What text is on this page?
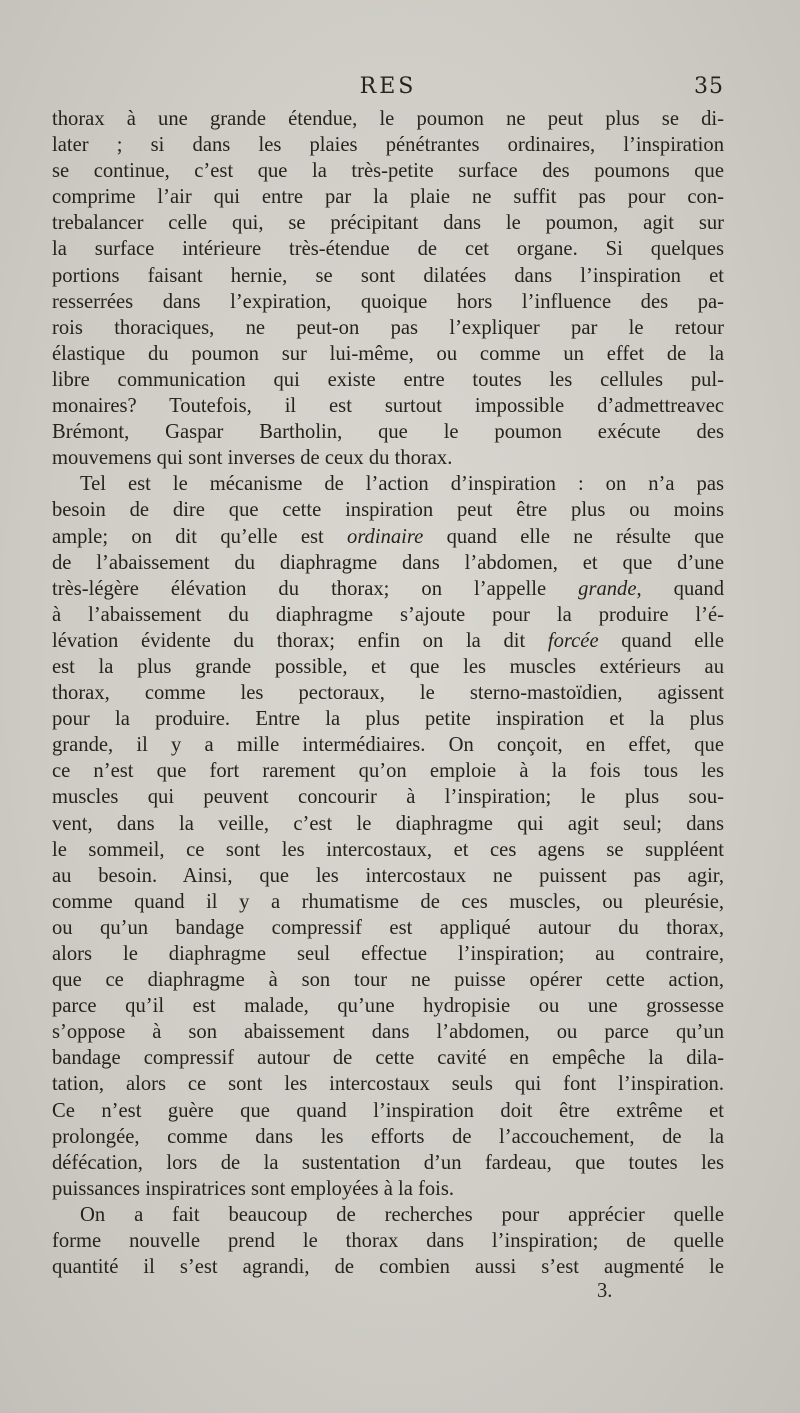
RES	35
thorax à une grande étendue, le poumon ne peut plus se di-
later ; si dans les plaies pénétrantes ordinaires, l’inspiration
se continue, c’est que la très-petite surface des poumons que
comprime l’air qui entre par la plaie ne suffit pas pour con-
trebalancer celle qui, se précipitant dans le poumon, agit sur
la surface intérieure très-étendue de cet organe. Si quelques
portions faisant hernie, se sont dilatées dans l’inspiration et
resserrées dans l’expiration, quoique hors l’influence des pa-
rois thoraciques, ne peut-on pas l’expliquer par le retour
élastique du poumon sur lui-même, ou comme un effet de la
libre communication qui existe entre toutes les cellules pul-
monaires? Toutefois, il est surtout impossible d’admettreavec
Brémont, Gaspar Bartholin, que le poumon exécute des
mouvemens qui sont inverses de ceux du thorax.
Tel est le mécanisme de l’action d’inspiration : on n’a pas
besoin de dire que cette inspiration peut être plus ou moins
ample; on dit qu’elle est ordinaire quand elle ne résulte que
de l’abaissement du diaphragme dans l’abdomen, et que d’une
très-légère élévation du thorax; on l’appelle grande, quand
à l’abaissement du diaphragme s’ajoute pour la produire l’é-
lévation évidente du thorax; enfin on la dit forcée quand elle
est la plus grande possible, et que les muscles extérieurs au
thorax, comme les pectoraux, le sterno-mastoïdien, agissent
pour la produire. Entre la plus petite inspiration et la plus
grande, il y a mille intermédiaires. On conçoit, en effet, que
ce n’est que fort rarement qu’on emploie à la fois tous les
muscles qui peuvent concourir à l’inspiration; le plus sou-
vent, dans la veille, c’est le diaphragme qui agit seul; dans
le sommeil, ce sont les intercostaux, et ces agens se suppléent
au besoin. Ainsi, que les intercostaux ne puissent pas agir,
comme quand il y a rhumatisme de ces muscles, ou pleurésie,
ou qu’un bandage compressif est appliqué autour du thorax,
alors le diaphragme seul effectue l’inspiration; au contraire,
que ce diaphragme à son tour ne puisse opérer cette action,
parce qu’il est malade, qu’une hydropisie ou une grossesse
s’oppose à son abaissement dans l’abdomen, ou parce qu’un
bandage compressif autour de cette cavité en empêche la dila-
tation, alors ce sont les intercostaux seuls qui font l’inspiration.
Ce n’est guère que quand l’inspiration doit être extrême et
prolongée, comme dans les efforts de l’accouchement, de la
défécation, lors de la sustentation d’un fardeau, que toutes les
puissances inspiratrices sont employées à la fois.
On a fait beaucoup de recherches pour apprécier quelle
forme nouvelle prend le thorax dans l’inspiration; de quelle
quantité il s’est agrandi, de combien aussi s’est augmenté le
3.
